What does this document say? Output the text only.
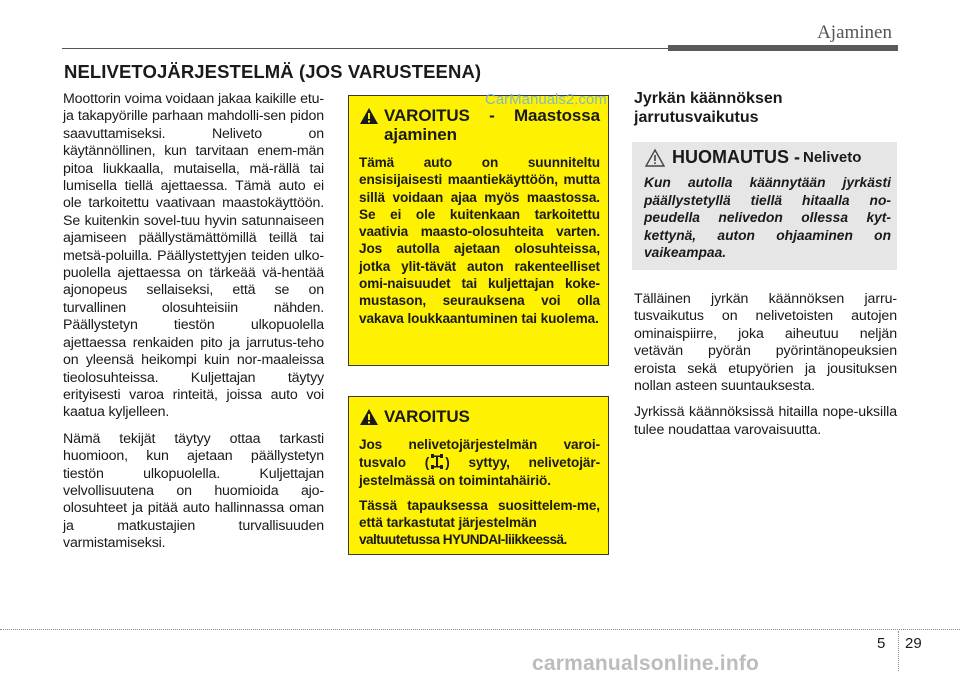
Ajaminen
NELIVETOJÄRJESTELMÄ (JOS VARUSTEENA)

Moottorin voima voidaan jakaa kaikille etu- ja takapyörille parhaan mahdolli-sen pidon saavuttamiseksi. Neliveto on käytännöllinen, kun tarvitaan enem-män pitoa liukkaalla, mutaisella, mä-rällä tai lumisella tiellä ajettaessa. Tämä auto ei ole tarkoitettu vaativaan maastokäyttöön. Se kuitenkin sovel-tuu hyvin satunnaiseen ajamiseen päällystämättömillä teillä tai metsä-poluilla. Päällystettyjen teiden ulko-puolella ajettaessa on tärkeää vä-hentää ajonopeus sellaiseksi, että se on turvallinen olosuhteisiin nähden. Päällystetyn tiestön ulkopuolella ajettaessa renkaiden pito ja jarrutus-teho on yleensä heikompi kuin nor-maaleissa tieolosuhteissa. Kuljettajan täytyy erityisesti varoa rinteitä, joissa auto voi kaatua kyljelleen.

Nämä tekijät täytyy ottaa tarkasti huomioon, kun ajetaan päällystetyn tiestön ulkopuolella. Kuljettajan velvollisuutena on huomioida ajo-olosuhteet ja pitää auto hallinnassa oman ja matkustajien turvallisuuden varmistamiseksi.

VAROITUS - Maastossa ajaminen

Tämä auto on suunniteltu ensisijaisesti maantiekäyttöön, mutta sillä voidaan ajaa myös maastossa. Se ei ole kuitenkaan tarkoitettu vaativia maasto-olosuhteita varten. Jos autolla ajetaan olosuhteissa, jotka ylit-tävät auton rakenteelliset omi-naisuudet tai kuljettajan koke-mustason, seurauksena voi olla vakava loukkaantuminen tai kuolema.

VAROITUS

Jos nelivetojärjestelmän varoi-tusvalo ( ) syttyy, nelivetojär-jestelmässä on toimintahäiriö.

Tässä tapauksessa suosittelem-me, että tarkastutat järjestelmän
valtuutetussa HYUNDAI-liikkeessä.

Jyrkän käännöksen jarrutusvaikutus
HUOMAUTUS - Neliveto

Kun autolla käännytään jyrkästi päällystetyllä tiellä hitaalla no-peudella nelivedon ollessa kyt-kettynä, auton ohjaaminen on vaikeampaa.

Tälläinen jyrkän käännöksen jarru-tusvaikutus on nelivetoisten autojen ominaispiirre, joka aiheutuu neljän vetävän pyörän pyörintänopeuksien eroista sekä etupyörien ja jousituksen nollan asteen suuntauksesta.

Jyrkissä käännöksissä hitailla nope-uksilla tulee noudattaa varovaisuutta.

CarManuals2.com
5 29
carmanualsonline.info
